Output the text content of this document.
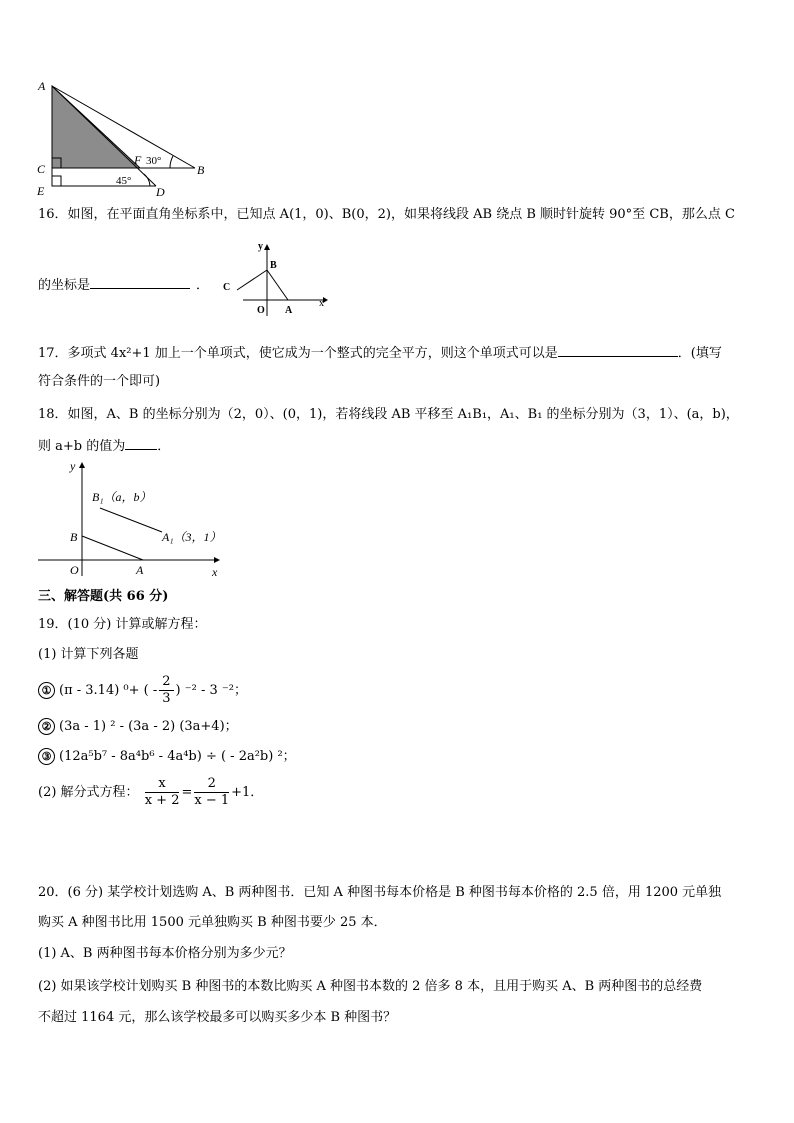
A
C
E
F 30°
B
45°
D
16．如图，在平面直角坐标系中，已知点 A(1，0)、B(0，2)，如果将线段 AB 绕点 B 顺时针旋转 90°至 CB，那么点 C
的坐标是	．
y
B
C
x
O A
17．多项式 4x²+1 加上一个单项式，使它成为一个整式的完全平方，则这个单项式可以是	．(填写
符合条件的一个即可)
18．如图，A、B 的坐标分别为（2，0）、(0，1)，若将线段 AB 平移至 A₁B₁，A₁、B₁ 的坐标分别为（3，1）、(a，b)，
则 a+b 的值为 ．
y
B₁（a，b）
A₁（3，1）
B
O	A	x
三、解答题(共 66 分)
19．(10 分) 计算或解方程：
(1) 计算下列各题
① (π - 3.14) ⁰+ ( - $\frac{2}{3}$ ) ⁻² - 3 ⁻²；
② (3a - 1) ² - (3a - 2) (3a+4)；
③ (12a⁵b⁷ - 8a⁴b⁶ - 4a⁴b) ÷ ( - 2a²b) ²；
(2) 解分式方程： $\frac{x}{x + 2} = \frac{2}{x - 1} +1$．
20．(6 分) 某学校计划选购 A、B 两种图书．已知 A 种图书每本价格是 B 种图书每本价格的 2.5 倍，用 1200 元单独
购买 A 种图书比用 1500 元单独购买 B 种图书要少 25 本．
(1) A、B 两种图书每本价格分别为多少元？
(2) 如果该学校计划购买 B 种图书的本数比购买 A 种图书本数的 2 倍多 8 本，且用于购买 A、B 两种图书的总经费
不超过 1164 元，那么该学校最多可以购买多少本 B 种图书？
